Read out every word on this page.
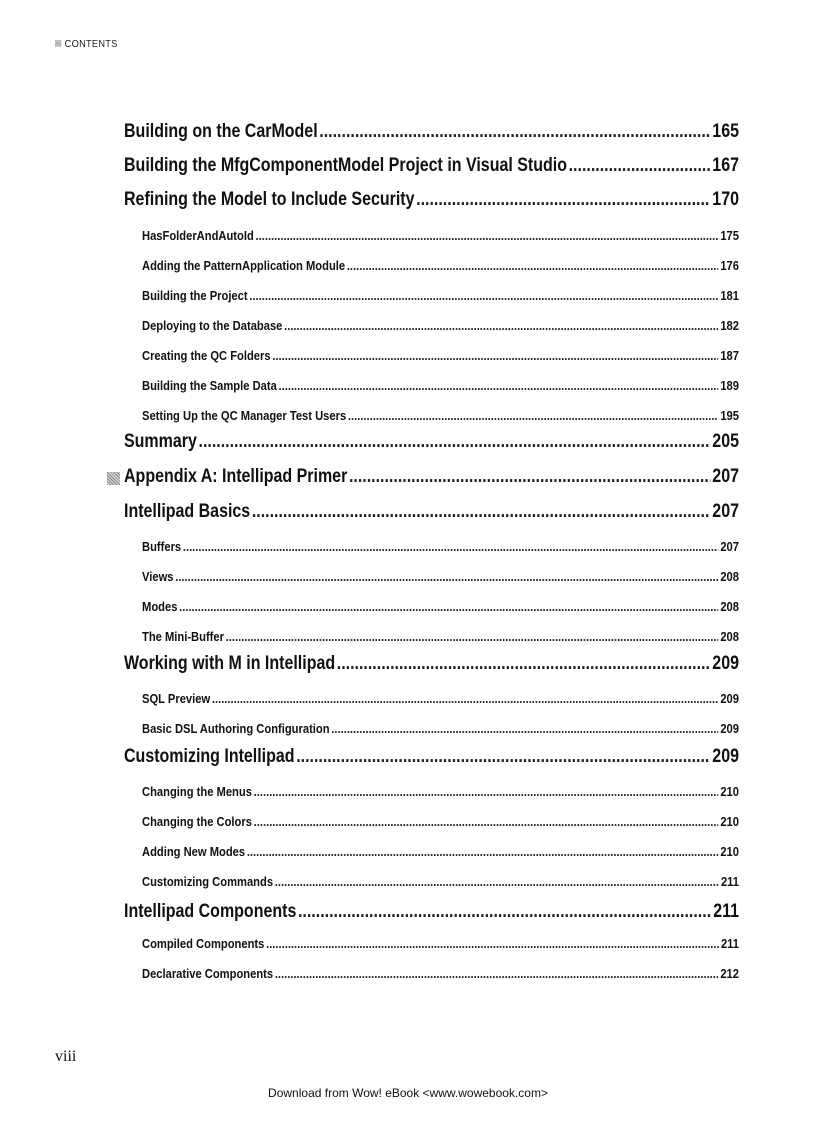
CONTENTS
Building on the CarModel .....	165
Building the MfgComponentModel Project in Visual Studio .....	167
Refining the Model to Include Security .....	170
HasFolderAndAutoId .....	175
Adding the PatternApplication Module .....	176
Building the Project .....	181
Deploying to the Database .....	182
Creating the QC Folders .....	187
Building the Sample Data .....	189
Setting Up the QC Manager Test Users .....	195
Summary .....	205
Appendix A: Intellipad Primer .....	207
Intellipad Basics .....	207
Buffers .....	207
Views .....	208
Modes .....	208
The Mini-Buffer .....	208
Working with M in Intellipad .....	209
SQL Preview .....	209
Basic DSL Authoring Configuration .....	209
Customizing Intellipad .....	209
Changing the Menus .....	210
Changing the Colors .....	210
Adding New Modes .....	210
Customizing Commands .....	211
Intellipad Components .....	211
Compiled Components .....	211
Declarative Components .....	212
viii
Download from Wow! eBook <www.wowebook.com>
